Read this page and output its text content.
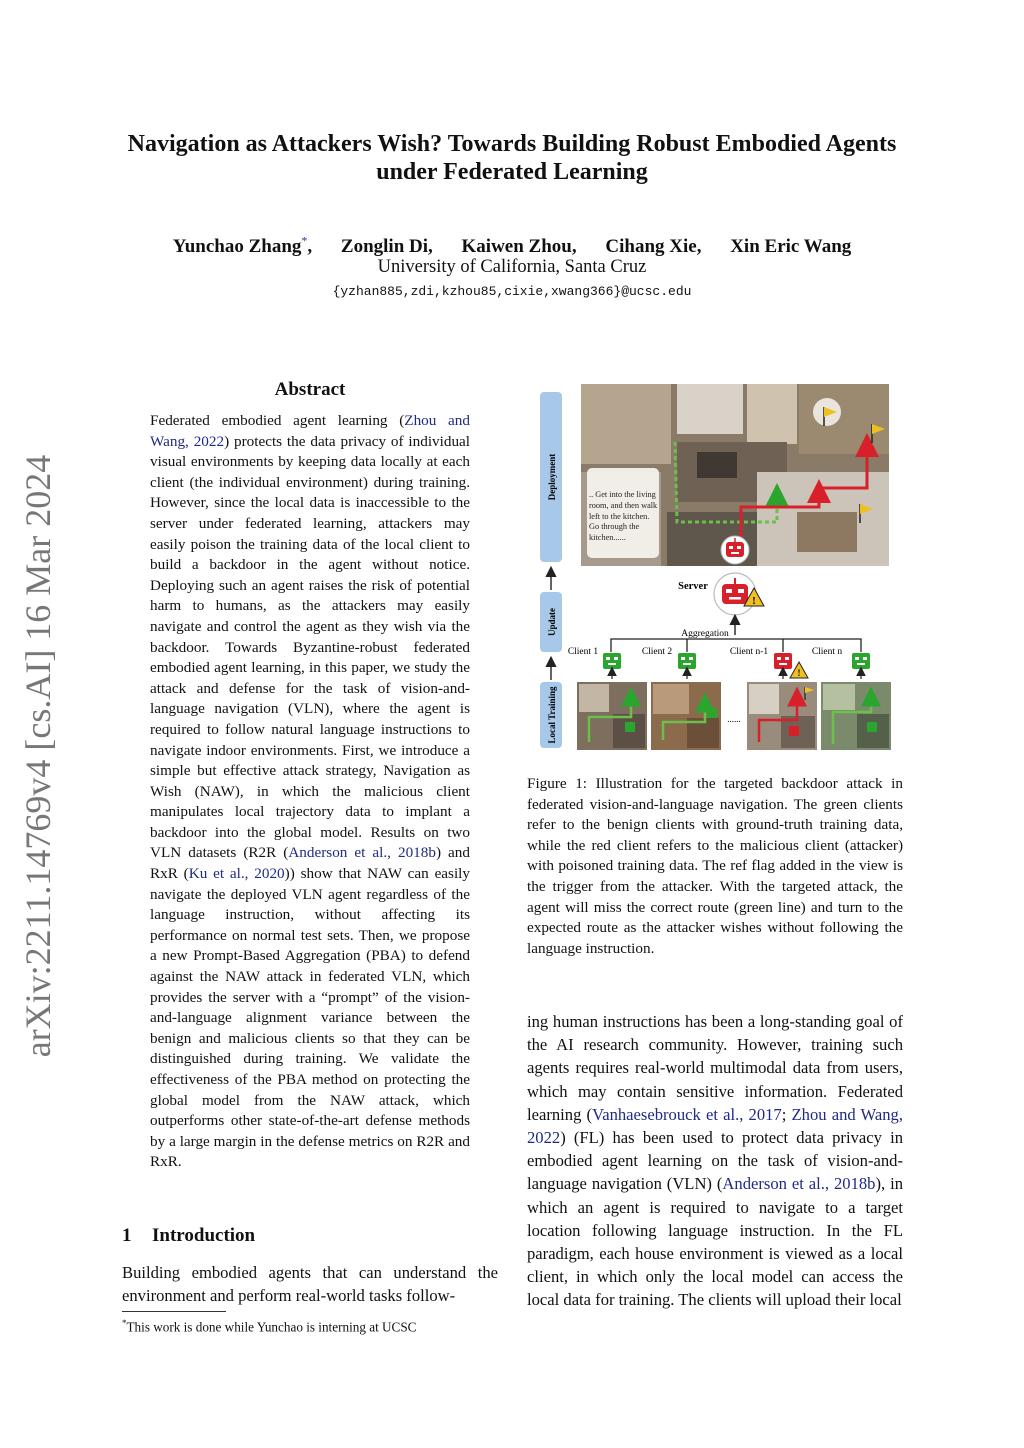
arXiv:2211.14769v4 [cs.AI] 16 Mar 2024
Navigation as Attackers Wish? Towards Building Robust Embodied Agents
under Federated Learning
Yunchao Zhang*, Zonglin Di, Kaiwen Zhou, Cihang Xie, Xin Eric Wang
University of California, Santa Cruz
{yzhan885,zdi,kzhou85,cixie,xwang366}@ucsc.edu
Abstract
Federated embodied agent learning (Zhou and Wang, 2022) protects the data privacy of individual visual environments by keeping data locally at each client (the individual environment) during training. However, since the local data is inaccessible to the server under federated learning, attackers may easily poison the training data of the local client to build a backdoor in the agent without notice. Deploying such an agent raises the risk of potential harm to humans, as the attackers may easily navigate and control the agent as they wish via the backdoor. Towards Byzantine-robust federated embodied agent learning, in this paper, we study the attack and defense for the task of vision-and-language navigation (VLN), where the agent is required to follow natural language instructions to navigate indoor environments. First, we introduce a simple but effective attack strategy, Navigation as Wish (NAW), in which the malicious client manipulates local trajectory data to implant a backdoor into the global model. Results on two VLN datasets (R2R (Anderson et al., 2018b) and RxR (Ku et al., 2020)) show that NAW can easily navigate the deployed VLN agent regardless of the language instruction, without affecting its performance on normal test sets. Then, we propose a new Prompt-Based Aggregation (PBA) to defend against the NAW attack in federated VLN, which provides the server with a “prompt” of the vision-and-language alignment variance between the benign and malicious clients so that they can be distinguished during training. We validate the effectiveness of the PBA method on protecting the global model from the NAW attack, which outperforms other state-of-the-art defense methods by a large margin in the defense metrics on R2R and RxR.
1 Introduction
Building embodied agents that can understand the environment and perform real-world tasks follow-
*This work is done while Yunchao is interning at UCSC
Deployment
Update
Local Training
.. Get into the living room, and then walk left to the kitchen. Go through the kitchen......
Server
!
Aggregation
Client 1	Client 2	Client n-1	Client n
!
......
Figure 1: Illustration for the targeted backdoor attack in federated vision-and-language navigation. The green clients refer to the benign clients with ground-truth training data, while the red client refers to the malicious client (attacker) with poisoned training data. The ref flag added in the view is the trigger from the attacker. With the targeted attack, the agent will miss the correct route (green line) and turn to the expected route as the attacker wishes without following the language instruction.
ing human instructions has been a long-standing goal of the AI research community. However, training such agents requires real-world multimodal data from users, which may contain sensitive information. Federated learning (Vanhaesebrouck et al., 2017; Zhou and Wang, 2022) (FL) has been used to protect data privacy in embodied agent learning on the task of vision-and-language navigation (VLN) (Anderson et al., 2018b), in which an agent is required to navigate to a target location following language instruction. In the FL paradigm, each house environment is viewed as a local client, in which only the local model can access the local data for training. The clients will upload their local
